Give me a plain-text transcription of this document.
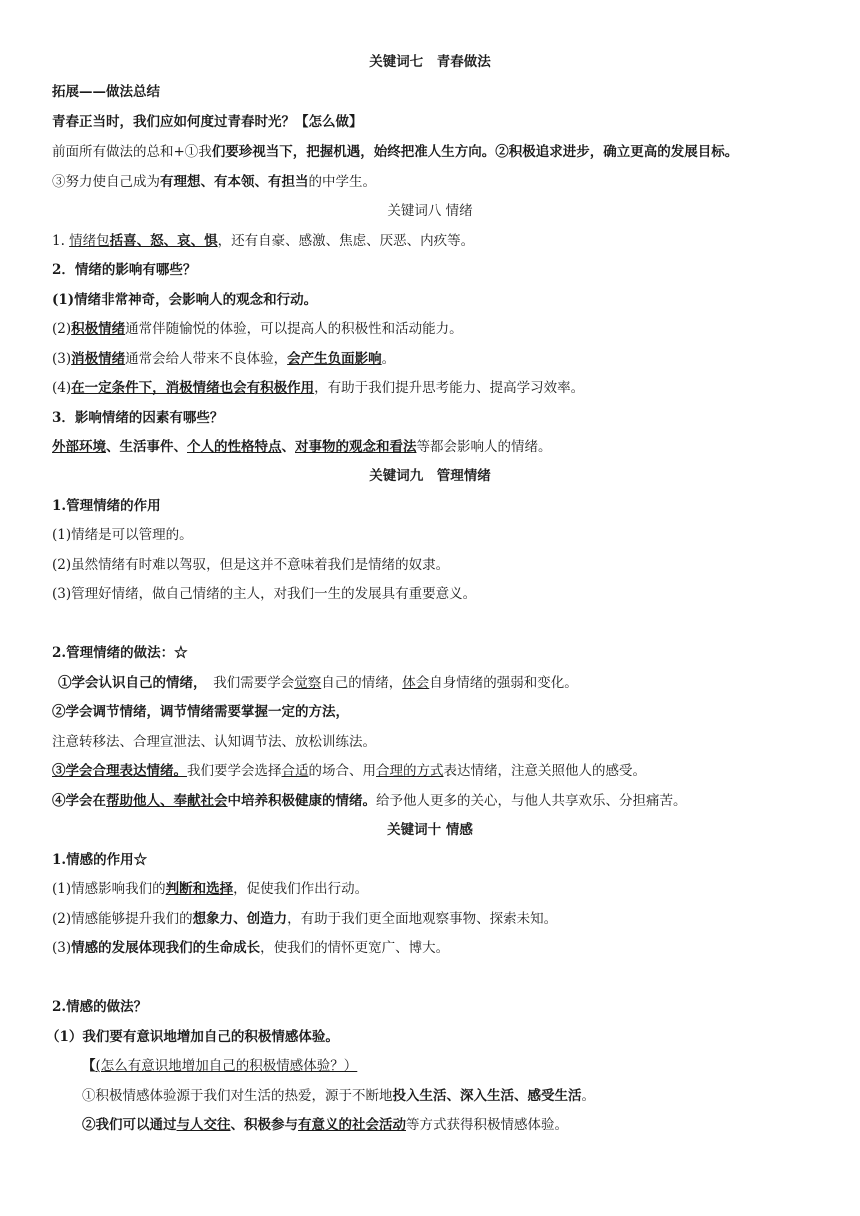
关键词七　青春做法
拓展——做法总结
青春正当时，我们应如何度过青春时光？【怎么做】
前面所有做法的总和+①我们要珍视当下，把握机遇，始终把准人生方向。②积极追求进步，确立更高的发展目标。
③努力使自己成为有理想、有本领、有担当的中学生。
关键词八 情绪
1. 情绪包括喜、怒、哀、惧，还有自豪、感激、焦虑、厌恶、内疚等。
2．情绪的影响有哪些？
(1)情绪非常神奇，会影响人的观念和行动。
(2)积极情绪通常伴随愉悦的体验，可以提高人的积极性和活动能力。
(3)消极情绪通常会给人带来不良体验，会产生负面影响。
(4)在一定条件下，消极情绪也会有积极作用，有助于我们提升思考能力、提高学习效率。
3．影响情绪的因素有哪些？
外部环境、生活事件、个人的性格特点、对事物的观念和看法等都会影响人的情绪。
关键词九　管理情绪
1.管理情绪的作用
(1)情绪是可以管理的。
(2)虽然情绪有时难以驾驭，但是这并不意味着我们是情绪的奴隶。
(3)管理好情绪，做自己情绪的主人，对我们一生的发展具有重要意义。
2.管理情绪的做法：☆
①学会认识自己的情绪，　我们需要学会觉察自己的情绪，体会自身情绪的强弱和变化。
②学会调节情绪，调节情绪需要掌握一定的方法，
注意转移法、合理宣泄法、认知调节法、放松训练法。
③学会合理表达情绪。我们要学会选择合适的场合、用合理的方式表达情绪，注意关照他人的感受。
④学会在帮助他人、奉献社会中培养积极健康的情绪。给予他人更多的关心，与他人共享欢乐、分担痛苦。
关键词十 情感
1.情感的作用☆
(1)情感影响我们的判断和选择，促使我们作出行动。
(2)情感能够提升我们的想象力、创造力，有助于我们更全面地观察事物、探索未知。
(3)情感的发展体现我们的生命成长，使我们的情怀更宽广、博大。
2.情感的做法？
（1）我们要有意识地增加自己的积极情感体验。
【(怎么有意识地增加自己的积极情感体验？）
①积极情感体验源于我们对生活的热爱，源于不断地投入生活、深入生活、感受生活。
②我们可以通过与人交往、积极参与有意义的社会活动等方式获得积极情感体验。
